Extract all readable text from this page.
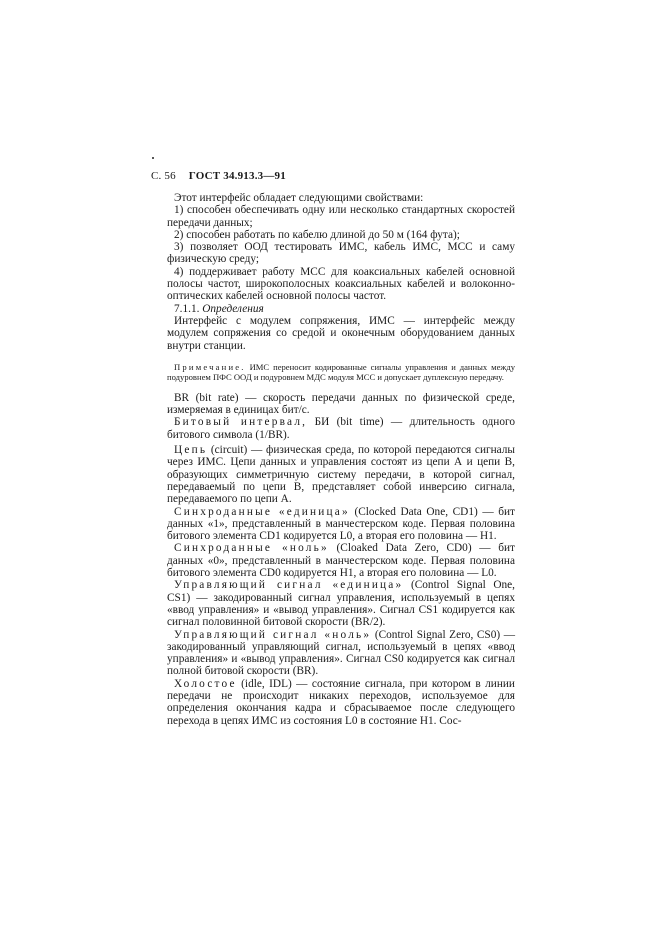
С. 56 ГОСТ 34.913.3—91

Этот интерфейс обладает следующими свойствами:

1) способен обеспечивать одну или несколько стандартных скоростей передачи данных;

2) способен работать по кабелю длиной до 50 м (164 фута);

3) позволяет ООД тестировать ИМС, кабель ИМС, МСС и саму физическую среду;

4) поддерживает работу МСС для коаксиальных кабелей основной полосы частот, широкополосных коаксиальных кабелей и волоконно-оптических кабелей основной полосы частот.

7.1.1. Определения

Интерфейс с модулем сопряжения, ИМС — интерфейс между модулем сопряжения со средой и оконечным оборудованием данных внутри станции.

Примечание. ИМС переносит кодированные сигналы управления и данных между подуровнем ПФС ООД и подуровнем МДС модуля МСС и допускает дуплексную передачу.

BR (bit rate) — скорость передачи данных по физической среде, измеряемая в единицах бит/с.

Битовый интервал, БИ (bit time) — длительность одного битового символа (1/BR).

Цепь (circuit) — физическая среда, по которой передаются сигналы через ИМС. Цепи данных и управления состоят из цепи А и цепи В, образующих симметричную систему передачи, в которой сигнал, передаваемый по цепи В, представляет собой инверсию сигнала, передаваемого по цепи А.

Синхроданные «единица» (Clocked Data One, CD1) — бит данных «1», представленный в манчестерском коде. Первая половина битового элемента CD1 кодируется L0, а вторая его половина — H1.

Синхроданные «ноль» (Cloaked Data Zero, CD0) — бит данных «0», представленный в манчестерском коде. Первая половина битового элемента CD0 кодируется H1, а вторая его половина — L0.

Управляющий сигнал «единица» (Control Signal One, CS1) — закодированный сигнал управления, используемый в цепях «ввод управления» и «вывод управления». Сигнал CS1 кодируется как сигнал половинной битовой скорости (BR/2).

Управляющий сигнал «ноль» (Control Signal Zero, CS0) — закодированный управляющий сигнал, используемый в цепях «ввод управления» и «вывод управления». Сигнал CS0 кодируется как сигнал полной битовой скорости (BR).

Холостое (idle, IDL) — состояние сигнала, при котором в линии передачи не происходит никаких переходов, используемое для определения окончания кадра и сбрасываемое после следующего перехода в цепях ИМС из состояния L0 в состояние H1. Сос-
